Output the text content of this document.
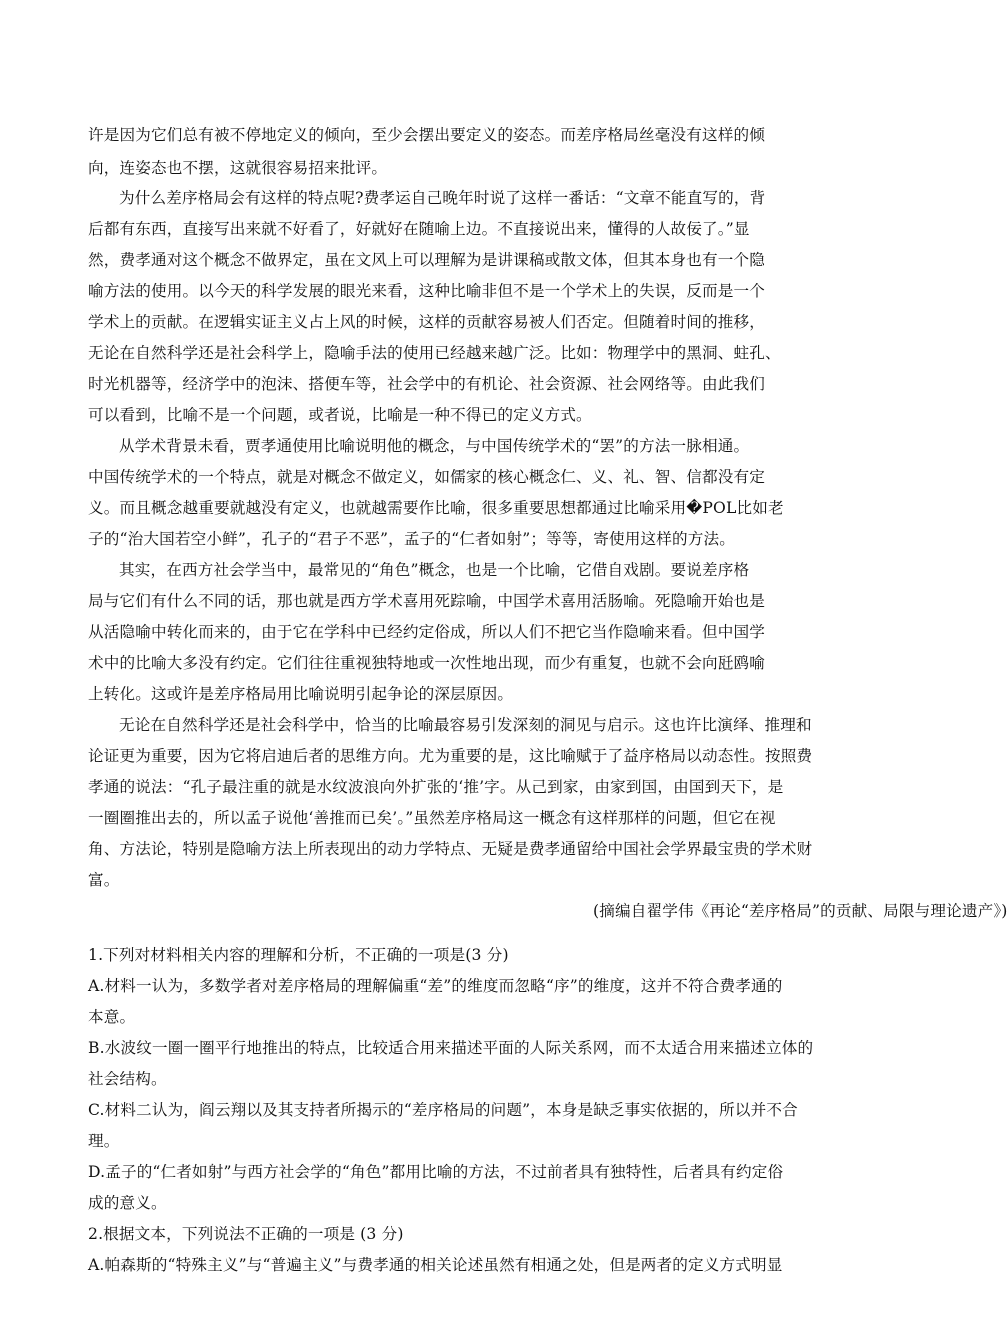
许是因为它们总有被不停地定义的倾向，至少会摆出要定义的姿态。而差序格局丝毫没有这样的倾
向，连姿态也不摆，这就很容易招来批评。
为什么差序格局会有这样的特点呢?费孝运自己晚年时说了这样一番话：“文章不能直写的，背
后都有东西，直接写出来就不好看了，好就好在随喻上边。不直接说出来，懂得的人故佞了。”显
然，费孝通对这个概念不做界定，虽在文风上可以理解为是讲课稿或散文体，但其本身也有一个隐
喻方法的使用。以今天的科学发展的眼光来看，这种比喻非但不是一个学术上的失误，反而是一个
学术上的贡献。在逻辑实证主义占上风的时候，这样的贡献容易被人们否定。但随着时间的推移，
无论在自然科学还是社会科学上，隐喻手法的使用已经越来越广泛。比如：物理学中的黑洞、蛀孔、
时光机器等，经济学中的泡沫、搭便车等，社会学中的有机论、社会资源、社会网络等。由此我们
可以看到，比喻不是一个问题，或者说，比喻是一种不得已的定义方式。
从学术背景未看，贾孝通使用比喻说明他的概念，与中国传统学术的“罢”的方法一脉相通。
中国传统学术的一个特点，就是对概念不做定义，如儒家的核心概念仁、义、礼、智、信都没有定
义。而且概念越重要就越没有定义，也就越需要作比喻，很多重要思想都通过比喻采用�POL比如老
子的“治大国若空小鲜”，孔子的“君子不恶”，孟子的“仁者如射”；等等，寄使用这样的方法。
其实，在西方社会学当中，最常见的“角色”概念，也是一个比喻，它借自戏剧。要说差序格
局与它们有什么不同的话，那也就是西方学术喜用死踪喻，中国学术喜用活肠喻。死隐喻开始也是
从活隐喻中转化而来的，由于它在学科中已经约定俗成，所以人们不把它当作隐喻来看。但中国学
术中的比喻大多没有约定。它们往往重视独特地或一次性地出现，而少有重复，也就不会向瓩鸥喻
上转化。这或许是差序格局用比喻说明引起争论的深层原因。
无论在自然科学还是社会科学中，恰当的比喻最容易引发深刻的洞见与启示。这也许比演绎、推理和
论证更为重要，因为它将启迪后者的思维方向。尤为重要的是，这比喻赋于了益序格局以动态性。按照费
孝通的说法：“孔子最注重的就是水纹波浪向外扩张的‘推’字。从己到家，由家到国，由国到天下，是
一圈圈推出去的，所以孟子说他‘善推而已矣’。”虽然差序格局这一概念有这样那样的问题，但它在视
角、方法论，特别是隐喻方法上所表现出的动力学特点、无疑是费孝通留给中国社会学界最宝贵的学术财
富。
(摘编自翟学伟《再论“差序格局”的贡献、局限与理论遗产》)
1.下列对材料相关内容的理解和分析，不正确的一项是(3 分)
A.材料一认为，多数学者对差序格局的理解偏重“差”的维度而忽略“序”的维度，这并不符合费孝通的
本意。
B.水波纹一圈一圈平行地推出的特点，比较适合用来描述平面的人际关系网，而不太适合用来描述立体的
社会结构。
C.材料二认为，阎云翔以及其支持者所揭示的“差序格局的问题”，本身是缺乏事实依据的，所以并不合
理。
D.孟子的“仁者如射”与西方社会学的“角色”都用比喻的方法，不过前者具有独特性，后者具有约定俗
成的意义。
2.根据文本，下列说法不正确的一项是 (3 分)
A.帕森斯的“特殊主义”与“普遍主义”与费孝通的相关论述虽然有相通之处，但是两者的定义方式明显
